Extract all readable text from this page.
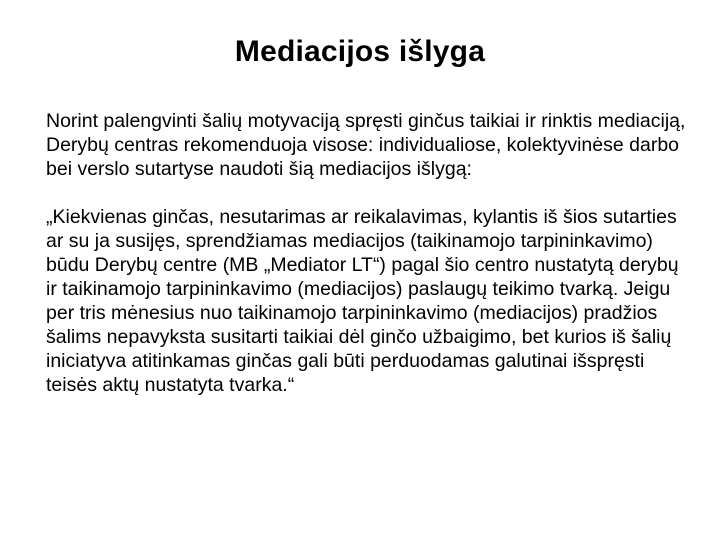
Mediacijos išlyga

Norint palengvinti šalių motyvaciją spręsti ginčus taikiai ir rinktis mediaciją, Derybų centras rekomenduoja visose: individualiose, kolektyvinėse darbo bei verslo sutartyse naudoti šią mediacijos išlygą:

„Kiekvienas ginčas, nesutarimas ar reikalavimas, kylantis iš šios sutarties ar su ja susijęs, sprendžiamas mediacijos (taikinamojo tarpininkavimo) būdu Derybų centre (MB „Mediator LT“) pagal šio centro nustatytą derybų ir taikinamojo tarpininkavimo (mediacijos) paslaugų teikimo tvarką. Jeigu per tris mėnesius nuo taikinamojo tarpininkavimo (mediacijos) pradžios šalims nepavyksta susitarti taikiai dėl ginčo užbaigimo, bet kurios iš šalių iniciatyva atitinkamas ginčas gali būti perduodamas galutinai išspręsti teisės aktų nustatyta tvarka.“
